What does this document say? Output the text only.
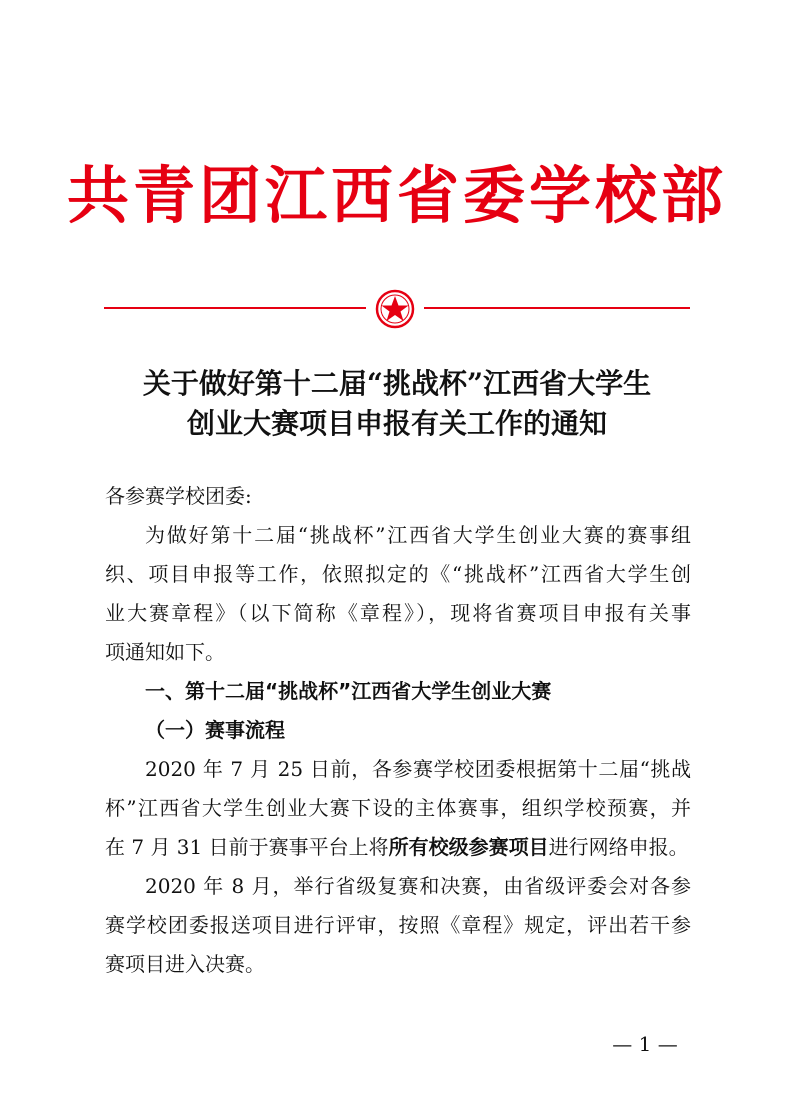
共青团江西省委学校部
关于做好第十二届“挑战杯”江西省大学生
创业大赛项目申报有关工作的通知
各参赛学校团委:
为做好第十二届“挑战杯”江西省大学生创业大赛的赛事组
织、项目申报等工作，依照拟定的《“挑战杯”江西省大学生创
业大赛章程》（以下简称《章程》），现将省赛项目申报有关事
项通知如下。
一、第十二届“挑战杯”江西省大学生创业大赛
（一）赛事流程
2020 年 7 月 25 日前，各参赛学校团委根据第十二届“挑战
杯”江西省大学生创业大赛下设的主体赛事，组织学校预赛，并
在 7 月 31 日前于赛事平台上将所有校级参赛项目进行网络申报。
2020 年 8 月，举行省级复赛和决赛，由省级评委会对各参
赛学校团委报送项目进行评审，按照《章程》规定，评出若干参
赛项目进入决赛。
— 1 —
